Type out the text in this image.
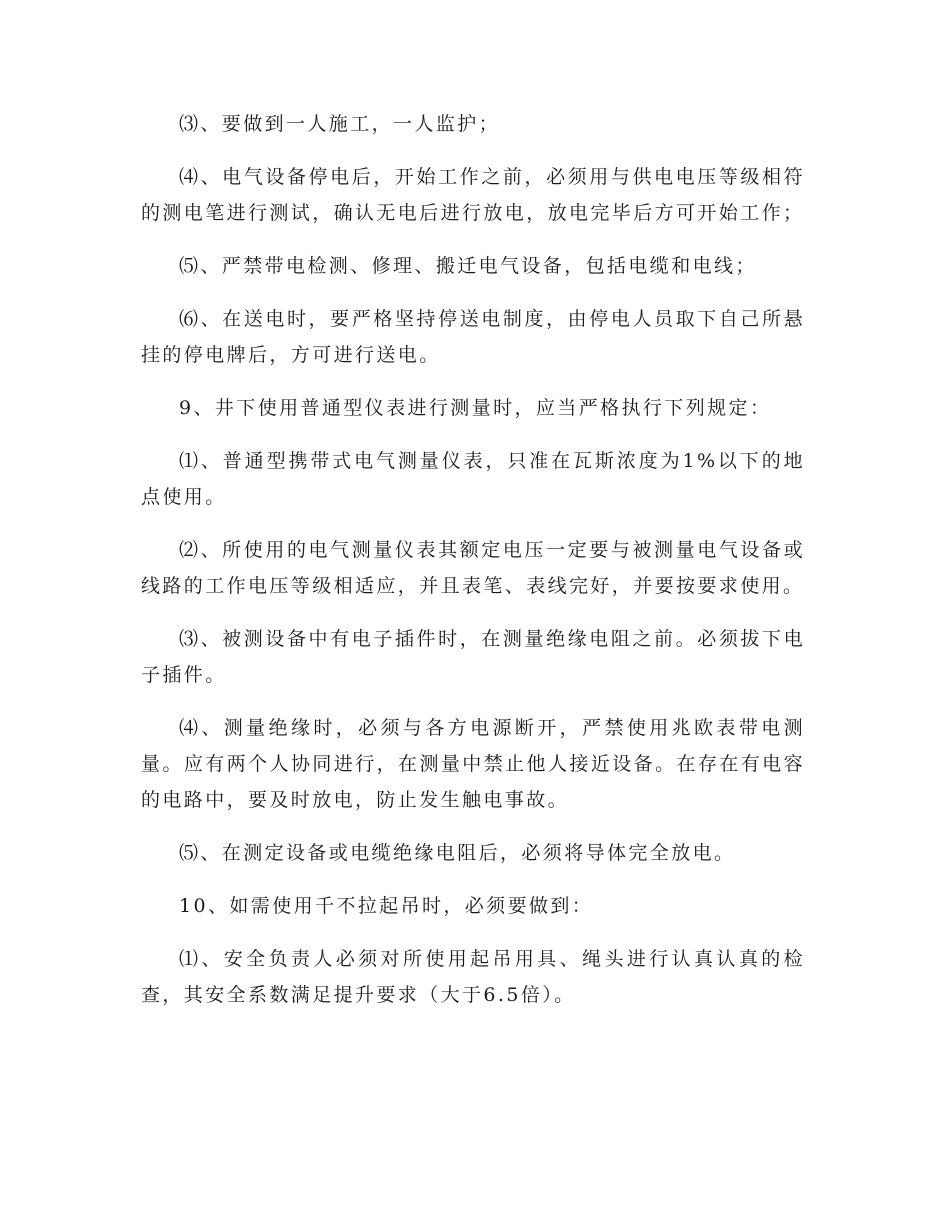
⑶、要做到一人施工，一人监护；

⑷、电气设备停电后，开始工作之前，必须用与供电电压等级相符的测电笔进行测试，确认无电后进行放电，放电完毕后方可开始工作；

⑸、严禁带电检测、修理、搬迁电气设备，包括电缆和电线；

⑹、在送电时，要严格坚持停送电制度，由停电人员取下自己所悬挂的停电牌后，方可进行送电。

9、井下使用普通型仪表进行测量时，应当严格执行下列规定：

⑴、普通型携带式电气测量仪表，只准在瓦斯浓度为1%以下的地点使用。

⑵、所使用的电气测量仪表其额定电压一定要与被测量电气设备或线路的工作电压等级相适应，并且表笔、表线完好，并要按要求使用。

⑶、被测设备中有电子插件时，在测量绝缘电阻之前。必须拔下电子插件。

⑷、测量绝缘时，必须与各方电源断开，严禁使用兆欧表带电测量。应有两个人协同进行，在测量中禁止他人接近设备。在存在有电容的电路中，要及时放电，防止发生触电事故。

⑸、在测定设备或电缆绝缘电阻后，必须将导体完全放电。

10、如需使用千不拉起吊时，必须要做到：

⑴、安全负责人必须对所使用起吊用具、绳头进行认真认真的检查，其安全系数满足提升要求（大于6.5倍）。
